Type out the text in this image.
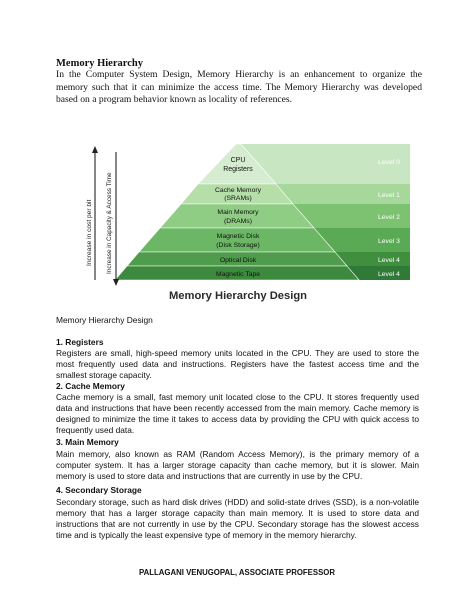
Memory Hierarchy
In the Computer System Design, Memory Hierarchy is an enhancement to organize the memory such that it can minimize the access time. The Memory Hierarchy was developed based on a program behavior known as locality of references.
Increase in cost per bit Increase in Capacity & Access Time
CPU
Registers
Cache Memory
(SRAMs)
Main Memory
(DRAMs)
Magnetic Disk
(Disk Storage)
Optical Disk
Magnetic Tape
Level 0
Level 1
Level 2
Level 3
Level 4
Level 4
Memory Hierarchy Design
Memory Hierarchy Design
1. Registers
Registers are small, high-speed memory units located in the CPU. They are used to store the most frequently used data and instructions. Registers have the fastest access time and the smallest storage capacity.
2. Cache Memory
Cache memory is a small, fast memory unit located close to the CPU. It stores frequently used data and instructions that have been recently accessed from the main memory. Cache memory is designed to minimize the time it takes to access data by providing the CPU with quick access to frequently used data.
3. Main Memory
Main memory, also known as RAM (Random Access Memory), is the primary memory of a computer system. It has a larger storage capacity than cache memory, but it is slower. Main memory is used to store data and instructions that are currently in use by the CPU.
4. Secondary Storage
Secondary storage, such as hard disk drives (HDD) and solid-state drives (SSD), is a non-volatile memory that has a larger storage capacity than main memory. It is used to store data and instructions that are not currently in use by the CPU. Secondary storage has the slowest access time and is typically the least expensive type of memory in the memory hierarchy.
PALLAGANI VENUGOPAL, ASSOCIATE PROFESSOR
